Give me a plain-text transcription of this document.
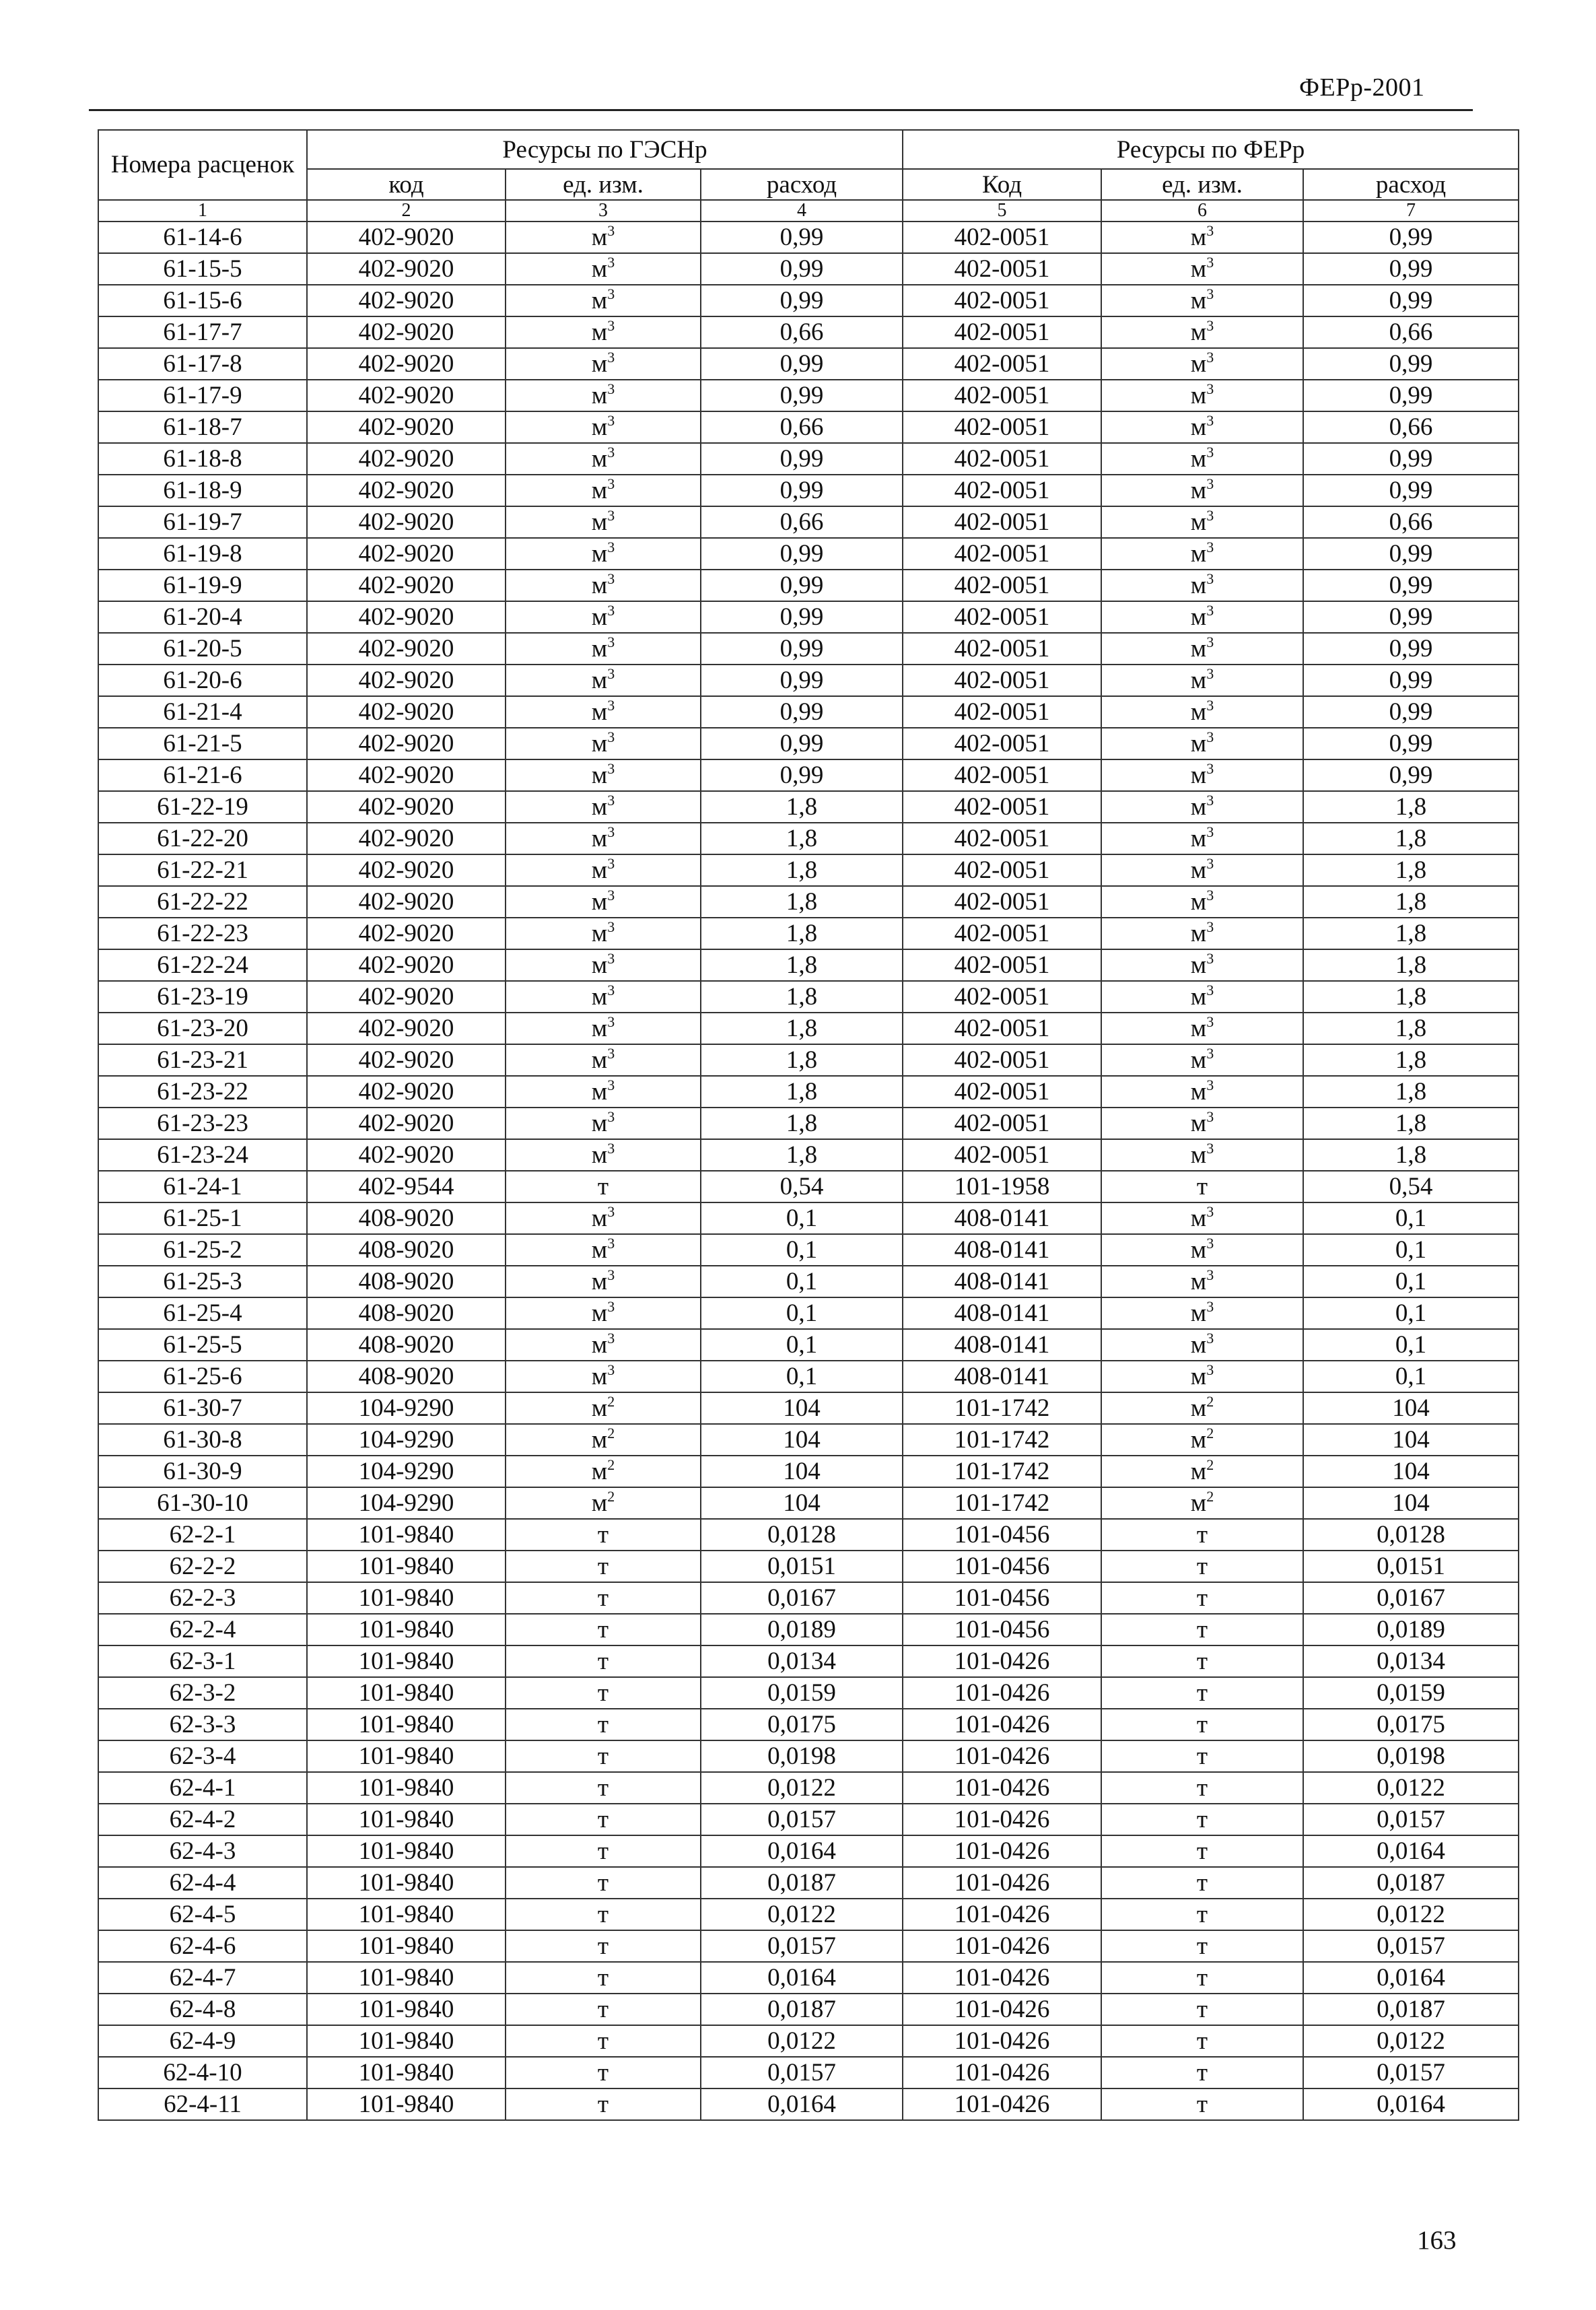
ФЕРр-2001
Номера расценок	Ресурсы по ГЭСНр			Ресурсы по ФЕРр		
	код	ед. изм.	расход	Код	ед. изм.	расход
1	2	3	4	5	6	7
61-14-6	402-9020	$м^3$	0,99	402-0051	$м^3$	0,99
61-15-5	402-9020	$м^3$	0,99	402-0051	$м^3$	0,99
61-15-6	402-9020	$м^3$	0,99	402-0051	$м^3$	0,99
61-17-7	402-9020	$м^3$	0,66	402-0051	$м^3$	0,66
61-17-8	402-9020	$м^3$	0,99	402-0051	$м^3$	0,99
61-17-9	402-9020	$м^3$	0,99	402-0051	$м^3$	0,99
61-18-7	402-9020	$м^3$	0,66	402-0051	$м^3$	0,66
61-18-8	402-9020	$м^3$	0,99	402-0051	$м^3$	0,99
61-18-9	402-9020	$м^3$	0,99	402-0051	$м^3$	0,99
61-19-7	402-9020	$м^3$	0,66	402-0051	$м^3$	0,66
61-19-8	402-9020	$м^3$	0,99	402-0051	$м^3$	0,99
61-19-9	402-9020	$м^3$	0,99	402-0051	$м^3$	0,99
61-20-4	402-9020	$м^3$	0,99	402-0051	$м^3$	0,99
61-20-5	402-9020	$м^3$	0,99	402-0051	$м^3$	0,99
61-20-6	402-9020	$м^3$	0,99	402-0051	$м^3$	0,99
61-21-4	402-9020	$м^3$	0,99	402-0051	$м^3$	0,99
61-21-5	402-9020	$м^3$	0,99	402-0051	$м^3$	0,99
61-21-6	402-9020	$м^3$	0,99	402-0051	$м^3$	0,99
61-22-19	402-9020	$м^3$	1,8	402-0051	$м^3$	1,8
61-22-20	402-9020	$м^3$	1,8	402-0051	$м^3$	1,8
61-22-21	402-9020	$м^3$	1,8	402-0051	$м^3$	1,8
61-22-22	402-9020	$м^3$	1,8	402-0051	$м^3$	1,8
61-22-23	402-9020	$м^3$	1,8	402-0051	$м^3$	1,8
61-22-24	402-9020	$м^3$	1,8	402-0051	$м^3$	1,8
61-23-19	402-9020	$м^3$	1,8	402-0051	$м^3$	1,8
61-23-20	402-9020	$м^3$	1,8	402-0051	$м^3$	1,8
61-23-21	402-9020	$м^3$	1,8	402-0051	$м^3$	1,8
61-23-22	402-9020	$м^3$	1,8	402-0051	$м^3$	1,8
61-23-23	402-9020	$м^3$	1,8	402-0051	$м^3$	1,8
61-23-24	402-9020	$м^3$	1,8	402-0051	$м^3$	1,8
61-24-1	402-9544	т	0,54	101-1958	т	0,54
61-25-1	408-9020	$м^3$	0,1	408-0141	$м^3$	0,1
61-25-2	408-9020	$м^3$	0,1	408-0141	$м^3$	0,1
61-25-3	408-9020	$м^3$	0,1	408-0141	$м^3$	0,1
61-25-4	408-9020	$м^3$	0,1	408-0141	$м^3$	0,1
61-25-5	408-9020	$м^3$	0,1	408-0141	$м^3$	0,1
61-25-6	408-9020	$м^3$	0,1	408-0141	$м^3$	0,1
61-30-7	104-9290	$м^2$	104	101-1742	$м^2$	104
61-30-8	104-9290	$м^2$	104	101-1742	$м^2$	104
61-30-9	104-9290	$м^2$	104	101-1742	$м^2$	104
61-30-10	104-9290	$м^2$	104	101-1742	$м^2$	104
62-2-1	101-9840	т	0,0128	101-0456	т	0,0128
62-2-2	101-9840	т	0,0151	101-0456	т	0,0151
62-2-3	101-9840	т	0,0167	101-0456	т	0,0167
62-2-4	101-9840	т	0,0189	101-0456	т	0,0189
62-3-1	101-9840	т	0,0134	101-0426	т	0,0134
62-3-2	101-9840	т	0,0159	101-0426	т	0,0159
62-3-3	101-9840	т	0,0175	101-0426	т	0,0175
62-3-4	101-9840	т	0,0198	101-0426	т	0,0198
62-4-1	101-9840	т	0,0122	101-0426	т	0,0122
62-4-2	101-9840	т	0,0157	101-0426	т	0,0157
62-4-3	101-9840	т	0,0164	101-0426	т	0,0164
62-4-4	101-9840	т	0,0187	101-0426	т	0,0187
62-4-5	101-9840	т	0,0122	101-0426	т	0,0122
62-4-6	101-9840	т	0,0157	101-0426	т	0,0157
62-4-7	101-9840	т	0,0164	101-0426	т	0,0164
62-4-8	101-9840	т	0,0187	101-0426	т	0,0187
62-4-9	101-9840	т	0,0122	101-0426	т	0,0122
62-4-10	101-9840	т	0,0157	101-0426	т	0,0157
62-4-11	101-9840	т	0,0164	101-0426	т	0,0164
163
